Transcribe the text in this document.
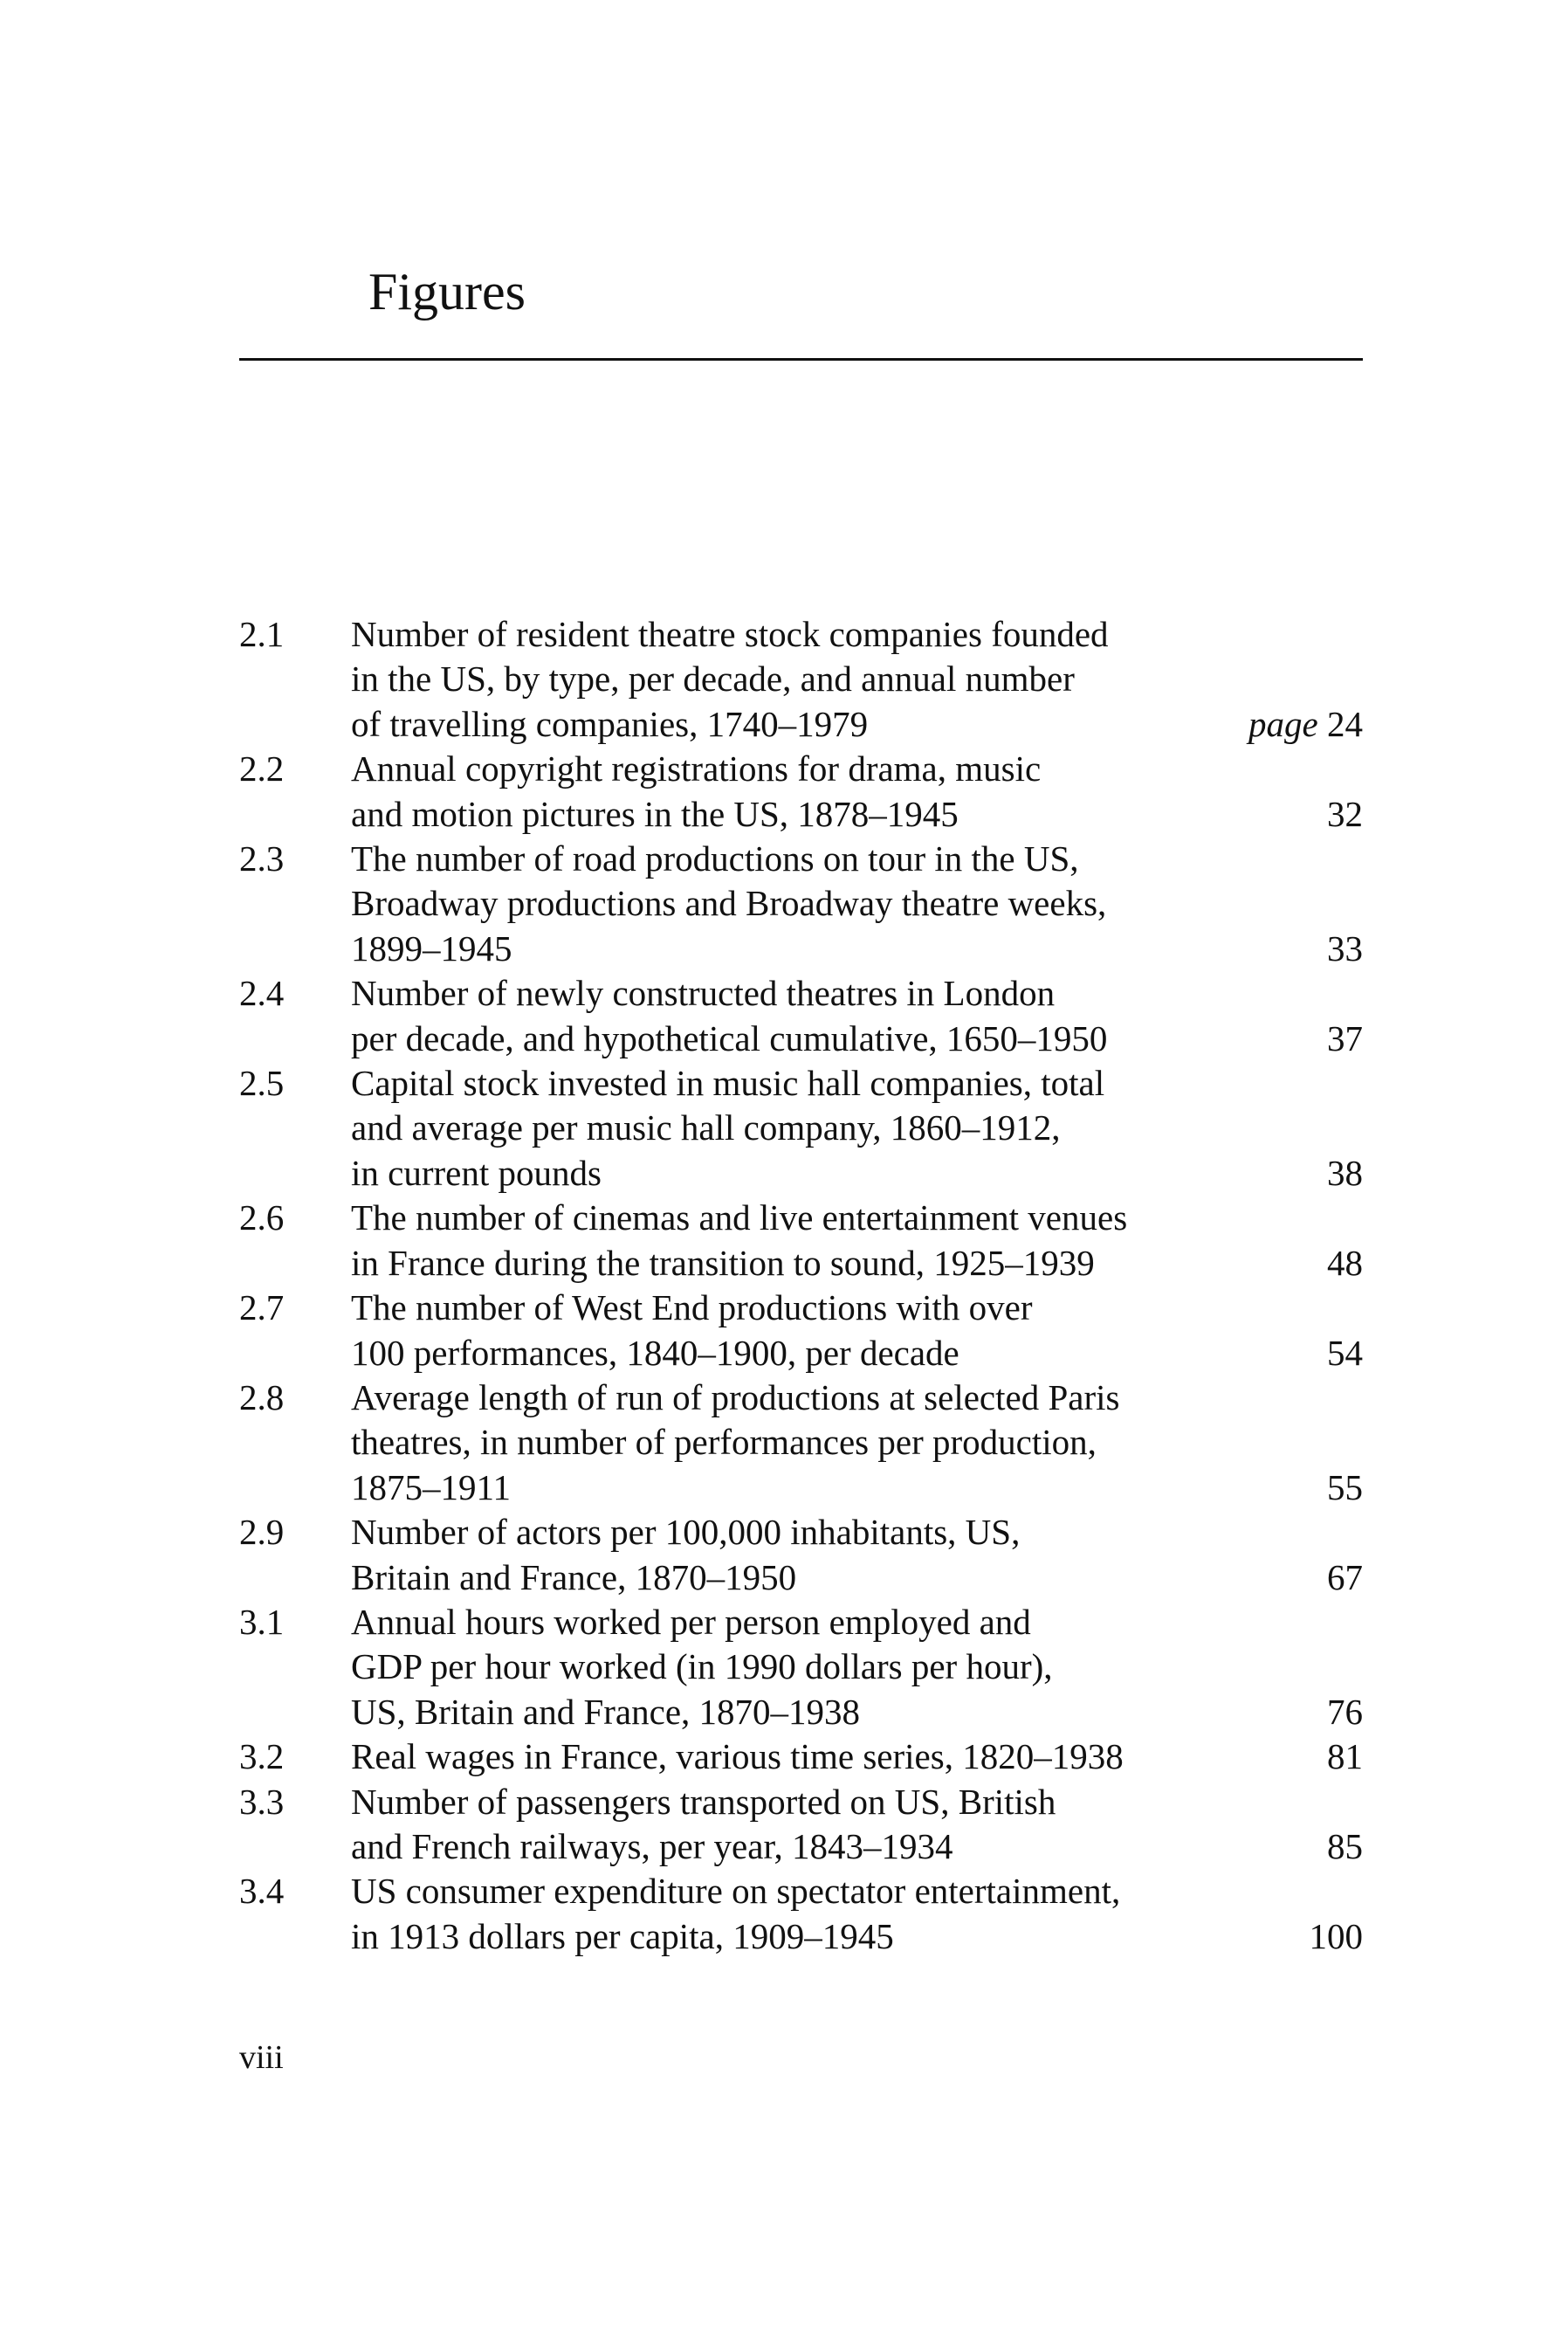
Figures
2.1 Number of resident theatre stock companies founded
in the US, by type, per decade, and annual number
of travelling companies, 1740–1979	page 24
2.2 Annual copyright registrations for drama, music
and motion pictures in the US, 1878–1945	32
2.3 The number of road productions on tour in the US,
Broadway productions and Broadway theatre weeks,
1899–1945	33
2.4 Number of newly constructed theatres in London
per decade, and hypothetical cumulative, 1650–1950	37
2.5 Capital stock invested in music hall companies, total
and average per music hall company, 1860–1912,
in current pounds	38
2.6 The number of cinemas and live entertainment venues
in France during the transition to sound, 1925–1939	48
2.7 The number of West End productions with over
100 performances, 1840–1900, per decade	54
2.8 Average length of run of productions at selected Paris
theatres, in number of performances per production,
1875–1911	55
2.9 Number of actors per 100,000 inhabitants, US,
Britain and France, 1870–1950	67
3.1 Annual hours worked per person employed and
GDP per hour worked (in 1990 dollars per hour),
US, Britain and France, 1870–1938	76
3.2 Real wages in France, various time series, 1820–1938	81
3.3 Number of passengers transported on US, British
and French railways, per year, 1843–1934	85
3.4 US consumer expenditure on spectator entertainment,
in 1913 dollars per capita, 1909–1945	100
viii
